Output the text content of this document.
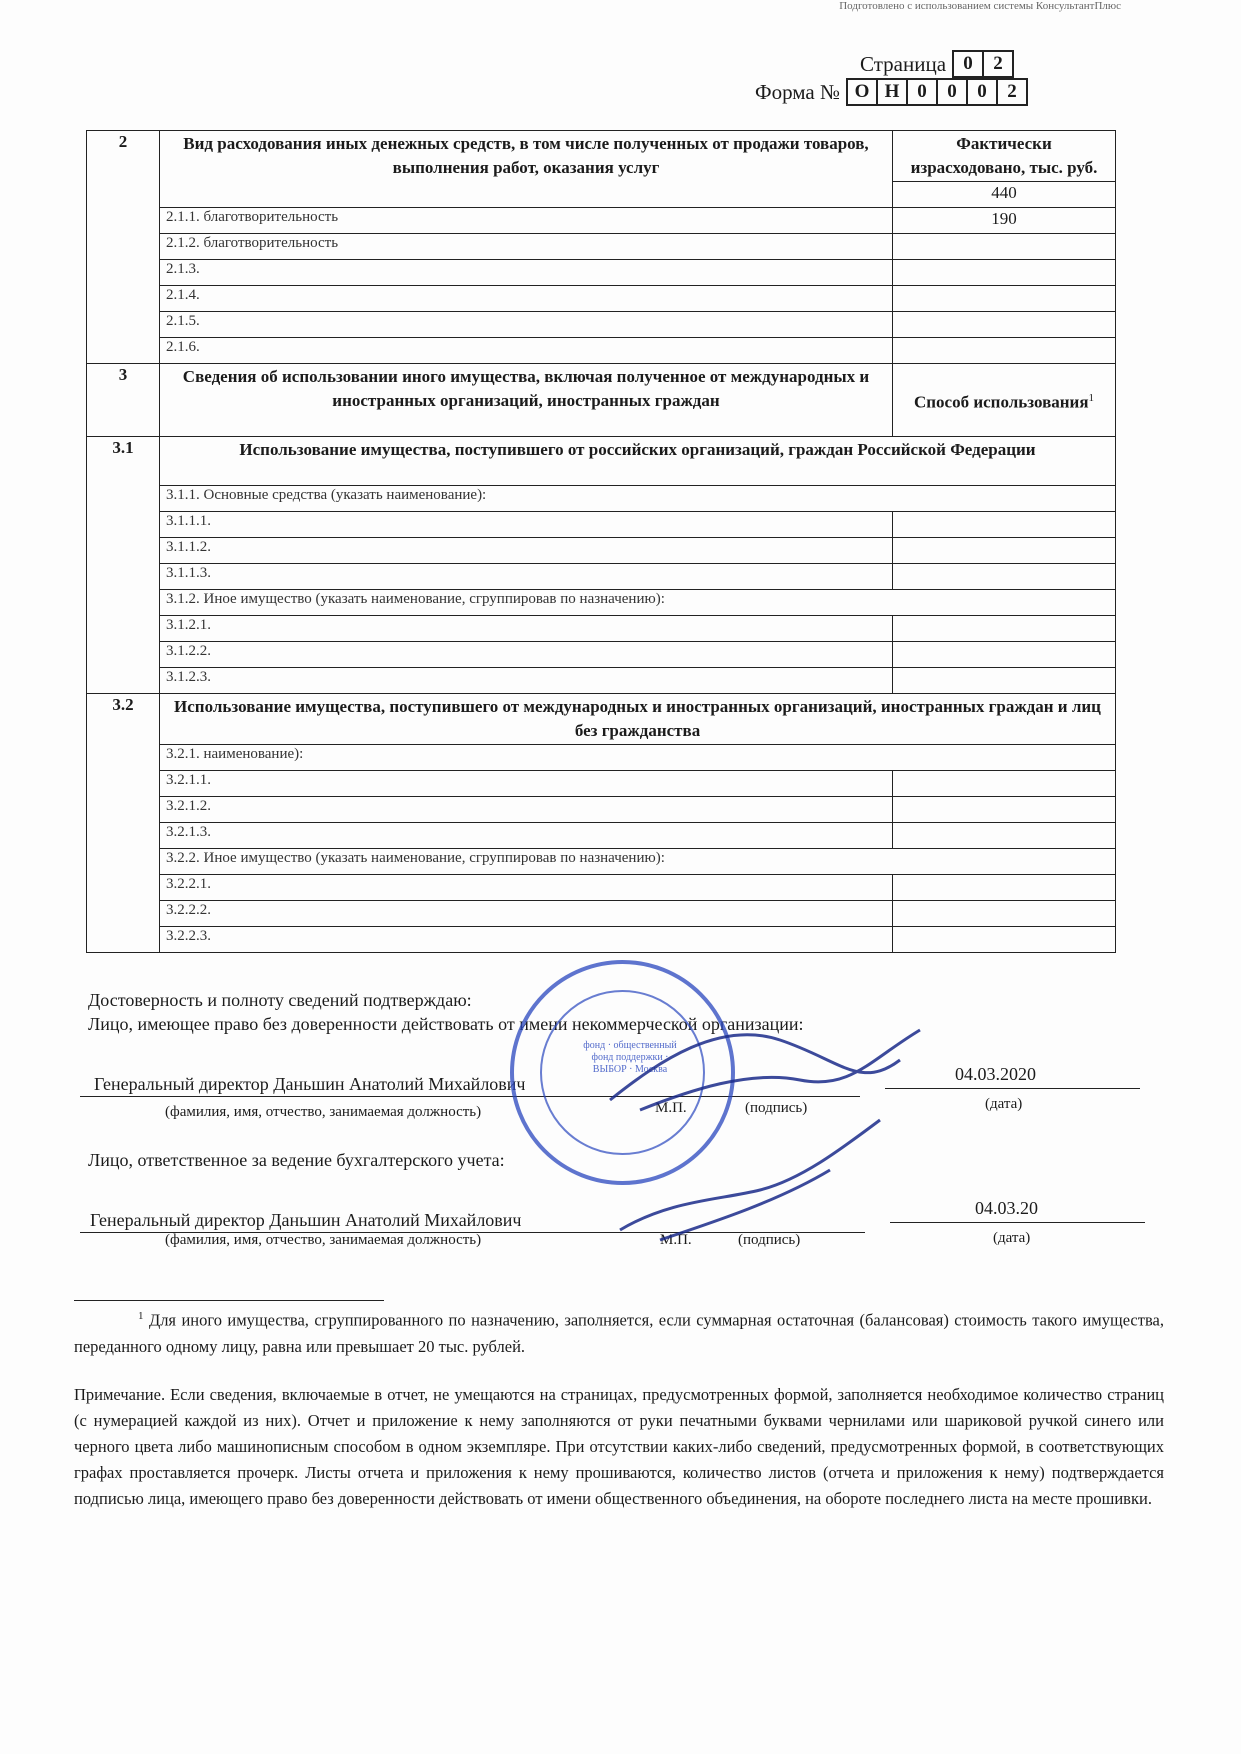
Подготовлено с использованием системы КонсультантПлюс
Страница 0	2
Форма № О Н 0	0	0	2
2	Вид расходования иных денежных средств, в том числе полученных от продажи товаров, выполнения работ, оказания услуг	Фактически израсходовано, тыс. руб.
		440
	2.1.1. благотворительность	190
	2.1.2. благотворительность	
	2.1.3.	
	2.1.4.	
	2.1.5.	
	2.1.6.	
3	Сведения об использовании иного имущества, включая полученное от международных и иностранных организаций, иностранных граждан	Способ использования$^1$
3.1	Использование имущества, поступившего от российских организаций, граждан Российской Федерации	
	3.1.1. Основные средства (указать наименование):	
	3.1.1.1.	
	3.1.1.2.	
	3.1.1.3.	
	3.1.2. Иное имущество (указать наименование, сгруппировав по назначению):	
	3.1.2.1.	
	3.1.2.2.	
	3.1.2.3.	
3.2	Использование имущества, поступившего от международных и иностранных организаций, иностранных граждан и лиц без гражданства	
	3.2.1. наименование):	
	3.2.1.1.	
	3.2.1.2.	
	3.2.1.3.	
	3.2.2. Иное имущество (указать наименование, сгруппировав по назначению):	
	3.2.2.1.	
	3.2.2.2.	
	3.2.2.3.	
Достоверность и полноту сведений подтверждаю:
Лицо, имеющее право без доверенности действовать от имени некоммерческой организации:
Генеральный директор Даньшин Анатолий Михайлович	04.03.2020
(фамилия, имя, отчество, занимаемая должность)	М.П.	(подпись)	(дата)
Лицо, ответственное за ведение бухгалтерского учета:
Генеральный директор Даньшин Анатолий Михайлович
04.03.20
(фамилия, имя, отчество, занимаемая должность)	М.П.	(подпись)	(дата)
фонд · общественный фонд поддержки · ВЫБОР · Москва
$^1$ Для иного имущества, сгруппированного по назначению, заполняется, если суммарная остаточная (балансовая) стоимость такого имущества, переданного одному лицу, равна или превышает 20 тыс. рублей.
Примечание. Если сведения, включаемые в отчет, не умещаются на страницах, предусмотренных формой, заполняется необходимое количество страниц (с нумерацией каждой из них). Отчет и приложение к нему заполняются от руки печатными буквами чернилами или шариковой ручкой синего или черного цвета либо машинописным способом в одном экземпляре. При отсутствии каких-либо сведений, предусмотренных формой, в соответствующих графах проставляется прочерк. Листы отчета и приложения к нему прошиваются, количество листов (отчета и приложения к нему) подтверждается подписью лица, имеющего право без доверенности действовать от имени общественного объединения, на обороте последнего листа на месте прошивки.
